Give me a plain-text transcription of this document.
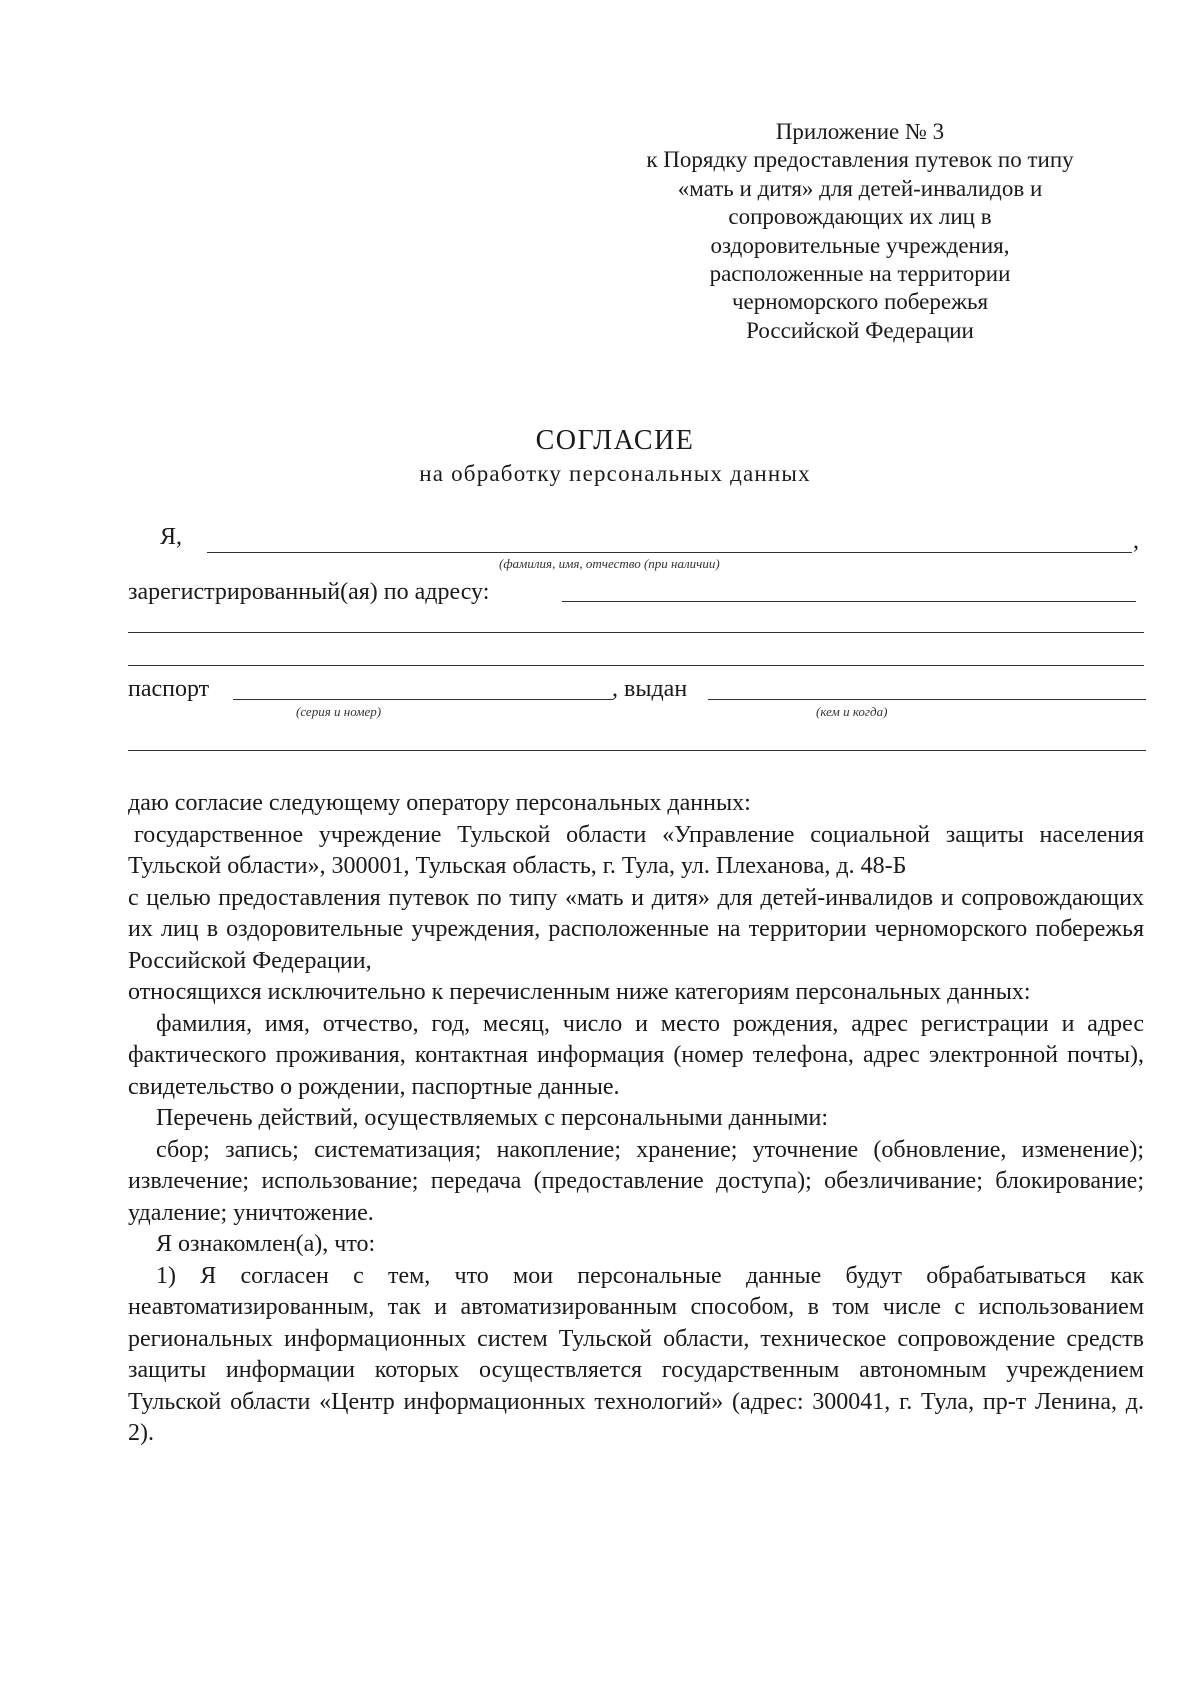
Приложение № 3
к Порядку предоставления путевок по типу
«мать и дитя» для детей-инвалидов и
сопровождающих их лиц в
оздоровительные учреждения,
расположенные на территории
черноморского побережья
Российской Федерации
СОГЛАСИЕ
на обработку персональных данных
Я,	,
(фамилия, имя, отчество (при наличии)
зарегистрированный(ая) по адресу:
паспорт	, выдан
(серия и номер)	(кем и когда)

даю согласие следующему оператору персональных данных:

государственное учреждение Тульской области «Управление социальной защиты населения Тульской области», 300001, Тульская область, г. Тула, ул. Плеханова, д. 48-Б

с целью предоставления путевок по типу «мать и дитя» для детей-инвалидов и сопровождающих их лиц в оздоровительные учреждения, расположенные на территории черноморского побережья Российской Федерации,

относящихся исключительно к перечисленным ниже категориям персональных данных:

фамилия, имя, отчество, год, месяц, число и место рождения, адрес регистрации и адрес фактического проживания, контактная информация (номер телефона, адрес электронной почты), свидетельство о рождении, паспортные данные.

Перечень действий, осуществляемых с персональными данными:

сбор; запись; систематизация; накопление; хранение; уточнение (обновление, изменение); извлечение; использование; передача (предоставление доступа); обезличивание; блокирование; удаление; уничтожение.

Я ознакомлен(а), что:

1) Я согласен с тем, что мои персональные данные будут обрабатываться как неавтоматизированным, так и автоматизированным способом, в том числе с использованием региональных информационных систем Тульской области, техническое сопровождение средств защиты информации которых осуществляется государственным автономным учреждением Тульской области «Центр информационных технологий» (адрес: 300041, г. Тула, пр-т Ленина, д. 2).
